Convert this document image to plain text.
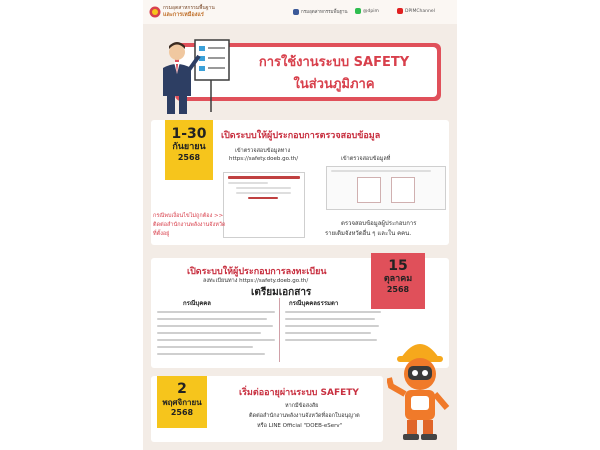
กรมอุตสาหกรรมพื้นฐาน
และการเหมืองแร่	กรมอุตสาหกรรมพื้นฐาน	@dpim	DPIMChannel
การใช้งานระบบ SAFETY
ในส่วนภูมิภาค
1-30
กันยายน
2568
เปิดระบบให้ผู้ประกอบการตรวจสอบข้อมูล
เข้าตรวจสอบข้อมูลทาง
https://safety.doeb.go.th/	เข้าตรวจสอบข้อมูลที่
กรณีพบเงื่อนไขไม่ถูกต้อง >>
ติดต่อสำนักงานพลังงานจังหวัด
ที่ตั้งอยู่
ตรวจสอบข้อมูลผู้ประกอบการ
รายเดิมจังหวัดอื่น ๆ และใน คคน.
15
ตุลาคม
2568
เปิดระบบให้ผู้ประกอบการลงทะเบียน
ลงทะเบียนทาง https://safety.doeb.go.th/
เตรียมเอกสาร
กรณีบุคคล	กรณีบุคคลธรรมดา
2
พฤศจิกายน
2568
เริ่มต่ออายุผ่านระบบ SAFETY
หากมีข้อสงสัย
ติดต่อสำนักงานพลังงานจังหวัดที่ออกใบอนุญาต
หรือ LINE Official "DOEB-eServ"
